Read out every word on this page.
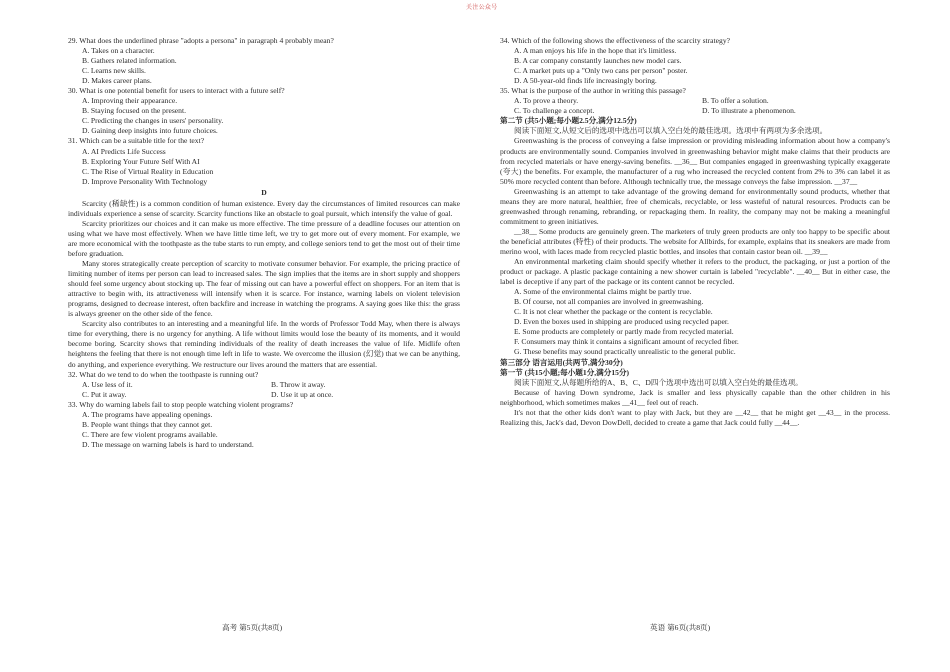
关注公众号

29. What does the underlined phrase "adopts a persona" in paragraph 4 probably mean?

A. Takes on a character.

B. Gathers related information.

C. Learns new skills.

D. Makes career plans.

30. What is one potential benefit for users to interact with a future self?

A. Improving their appearance.

B. Staying focused on the present.

C. Predicting the changes in users' personality.

D. Gaining deep insights into future choices.

31. Which can be a suitable title for the text?

A. AI Predicts Life Success

B. Exploring Your Future Self With AI

C. The Rise of Virtual Reality in Education

D. Improve Personality With Technology

D

Scarcity (稀缺性) is a common condition of human existence. Every day the circumstances of limited resources can make individuals experience a sense of scarcity. Scarcity functions like an obstacle to goal pursuit, which intensify the value of goal.

Scarcity prioritizes our choices and it can make us more effective. The time pressure of a deadline focuses our attention on using what we have most effectively. When we have little time left, we try to get more out of every moment. For example, we are more economical with the toothpaste as the tube starts to run empty, and college seniors tend to get the most out of their time before graduation.

Many stores strategically create perception of scarcity to motivate consumer behavior. For example, the pricing practice of limiting number of items per person can lead to increased sales. The sign implies that the items are in short supply and shoppers should feel some urgency about stocking up. The fear of missing out can have a powerful effect on shoppers. For an item that is attractive to begin with, its attractiveness will intensify when it is scarce. For instance, warning labels on violent television programs, designed to decrease interest, often backfire and increase in watching the programs. A saying goes like this: the grass is always greener on the other side of the fence.

Scarcity also contributes to an interesting and a meaningful life. In the words of Professor Todd May, when there is always time for everything, there is no urgency for anything. A life without limits would lose the beauty of its moments, and it would become boring. Scarcity shows that reminding individuals of the reality of death increases the value of life. Midlife often heightens the feeling that there is not enough time left in life to waste. We overcome the illusion (幻觉) that we can be anything, do anything, and experience everything. We restructure our lives around the matters that are essential.

32. What do we tend to do when the toothpaste is running out?

A. Use less of it.	B. Throw it away.
C. Put it away.	D. Use it up at once.

33. Why do warning labels fail to stop people watching violent programs?

A. The programs have appealing openings.

B. People want things that they cannot get.

C. There are few violent programs available.

D. The message on warning labels is hard to understand.

34. Which of the following shows the effectiveness of the scarcity strategy?

A. A man enjoys his life in the hope that it's limitless.

B. A car company constantly launches new model cars.

C. A market puts up a "Only two cans per person" poster.

D. A 50-year-old finds life increasingly boring.

35. What is the purpose of the author in writing this passage?

A. To prove a theory.	B. To offer a solution.
C. To challenge a concept.	D. To illustrate a phenomenon.

第二节 (共5小题;每小题2.5分,满分12.5分)

阅读下面短文,从短文后的选项中选出可以填入空白处的最佳选项。选项中有两项为多余选项。

Greenwashing is the process of conveying a false impression or providing misleading information about how a company's products are environmentally sound. Companies involved in greenwashing behavior might make claims that their products are from recycled materials or have energy-saving benefits. __36__ But companies engaged in greenwashing typically exaggerate (夸大) the benefits. For example, the manufacturer of a rug who increased the recycled content from 2% to 3% can label it as 50% more recycled content than before. Although technically true, the message conveys the false impression. __37__

Greenwashing is an attempt to take advantage of the growing demand for environmentally sound products, whether that means they are more natural, healthier, free of chemicals, recyclable, or less wasteful of natural resources. Products can be greenwashed through renaming, rebranding, or repackaging them. In reality, the company may not be making a meaningful commitment to green initiatives.

__38__ Some products are genuinely green. The marketers of truly green products are only too happy to be specific about the beneficial attributes (特性) of their products. The website for Allbirds, for example, explains that its sneakers are made from merino wool, with laces made from recycled plastic bottles, and insoles that contain castor bean oil. __39__

An environmental marketing claim should specify whether it refers to the product, the packaging, or just a portion of the product or package. A plastic package containing a new shower curtain is labeled "recyclable". __40__ But in either case, the label is deceptive if any part of the package or its content cannot be recycled.

A. Some of the environmental claims might be partly true.

B. Of course, not all companies are involved in greenwashing.

C. It is not clear whether the package or the content is recyclable.

D. Even the boxes used in shipping are produced using recycled paper.

E. Some products are completely or partly made from recycled material.

F. Consumers may think it contains a significant amount of recycled fiber.

G. These benefits may sound practically unrealistic to the general public.

第三部分 语言运用(共两节,满分30分)

第一节 (共15小题;每小题1分,满分15分)

阅读下面短文,从每题所给的A、B、C、D四个选项中选出可以填入空白处的最佳选项。

Because of having Down syndrome, Jack is smaller and less physically capable than the other children in his neighborhood, which sometimes makes __41__ feel out of reach.

It's not that the other kids don't want to play with Jack, but they are __42__ that he might get __43__ in the process. Realizing this, Jack's dad, Devon DowDell, decided to create a game that Jack could fully __44__.

高考 第5页(共8页)	英语 第6页(共8页)
